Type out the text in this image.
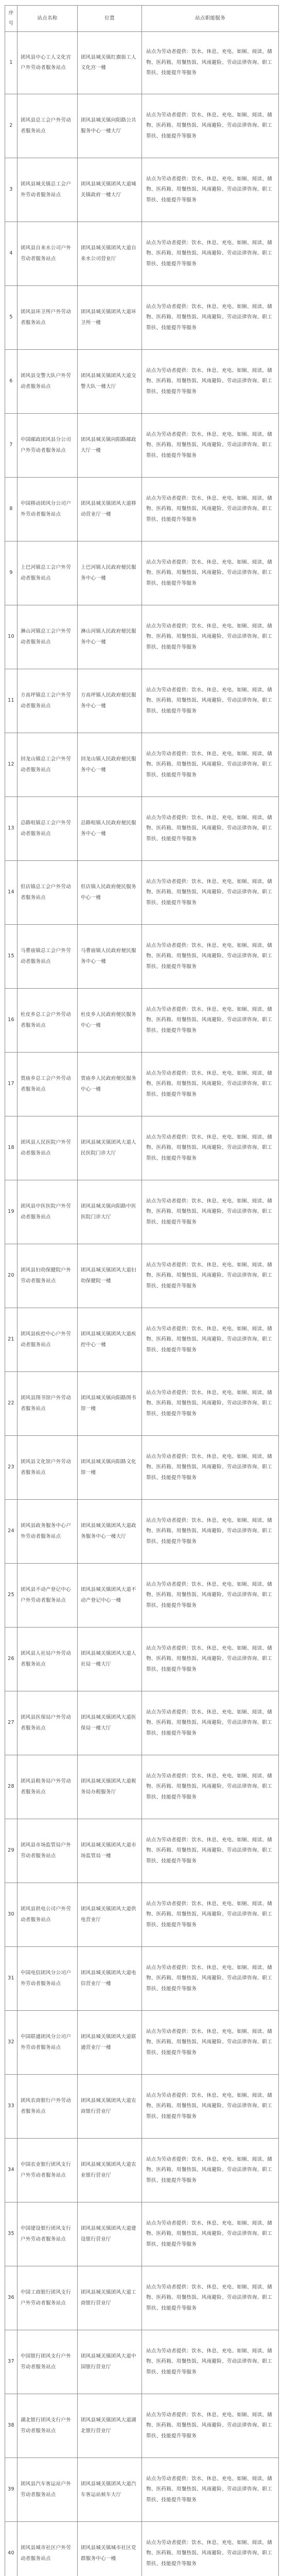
序号	站点名称	位置	站点职能服务

1	团风县中心工人文化宫户外劳动者服务站点	团风县城关镇红旗街工人文化宫一楼	站点为劳动者提供：饮水、休息、充电、如厕、阅读、储物、医药箱、用餐热饭、风雨避险、劳动法律咨询、职工帮扶、技能提升等服务

2	团风县总工会户外劳动者服务站点	团风县城关镇向阳路公共服务中心一楼大厅	站点为劳动者提供：饮水、休息、充电、如厕、阅读、储物、医药箱、用餐热饭、风雨避险、劳动法律咨询、职工帮扶、技能提升等服务

3	团风县城关镇总工会户外劳动者服务站点	团风县城关镇团风大道城关镇政府一楼大厅	站点为劳动者提供：饮水、休息、充电、如厕、阅读、储物、医药箱、用餐热饭、风雨避险、劳动法律咨询、职工帮扶、技能提升等服务

4	团风县自来水公司户外劳动者服务站点	团风县城关镇团风大道自来水公司营业厅	站点为劳动者提供：饮水、休息、充电、如厕、阅读、储物、医药箱、用餐热饭、风雨避险、劳动法律咨询、职工帮扶、技能提升等服务

5	团风县环卫所户外劳动者服务站点	团风县城关镇团风大道环卫所一楼	站点为劳动者提供：饮水、休息、充电、如厕、阅读、储物、医药箱、用餐热饭、风雨避险、劳动法律咨询、职工帮扶、技能提升等服务

6	团风县交警大队户外劳动者服务站点	团风县城关镇团风大道交警大队一楼大厅	站点为劳动者提供：饮水、休息、充电、如厕、阅读、储物、医药箱、用餐热饭、风雨避险、劳动法律咨询、职工帮扶、技能提升等服务

7	中国邮政团风县分公司户外劳动者服务站点	团风县城关镇向阳路邮政大厅一楼	站点为劳动者提供：饮水、休息、充电、如厕、阅读、储物、医药箱、用餐热饭、风雨避险、劳动法律咨询、职工帮扶、技能提升等服务

8	中国移动团风分公司户外劳动者服务站点	团风县城关镇团风大道移动营业厅一楼	站点为劳动者提供：饮水、休息、充电、如厕、阅读、储物、医药箱、用餐热饭、风雨避险、劳动法律咨询、职工帮扶、技能提升等服务

9	上巴河镇总工会户外劳动者服务站点	上巴河镇人民政府便民服务中心一楼	站点为劳动者提供：饮水、休息、充电、如厕、阅读、储物、医药箱、用餐热饭、风雨避险、劳动法律咨询、职工帮扶、技能提升等服务

10	淋山河镇总工会户外劳动者服务站点	淋山河镇人民政府便民服务中心一楼	站点为劳动者提供：饮水、休息、充电、如厕、阅读、储物、医药箱、用餐热饭、风雨避险、劳动法律咨询、职工帮扶、技能提升等服务

11	方高坪镇总工会户外劳动者服务站点	方高坪镇人民政府便民服务中心一楼	站点为劳动者提供：饮水、休息、充电、如厕、阅读、储物、医药箱、用餐热饭、风雨避险、劳动法律咨询、职工帮扶、技能提升等服务

12	回龙山镇总工会户外劳动者服务站点	回龙山镇人民政府便民服务中心一楼	站点为劳动者提供：饮水、休息、充电、如厕、阅读、储物、医药箱、用餐热饭、风雨避险、劳动法律咨询、职工帮扶、技能提升等服务

13	总路咀镇总工会户外劳动者服务站点	总路咀镇人民政府便民服务中心一楼	站点为劳动者提供：饮水、休息、充电、如厕、阅读、储物、医药箱、用餐热饭、风雨避险、劳动法律咨询、职工帮扶、技能提升等服务

14	但店镇总工会户外劳动者服务站点	但店镇人民政府便民服务中心一楼	站点为劳动者提供：饮水、休息、充电、如厕、阅读、储物、医药箱、用餐热饭、风雨避险、劳动法律咨询、职工帮扶、技能提升等服务

15	马曹庙镇总工会户外劳动者服务站点	马曹庙镇人民政府便民服务中心一楼	站点为劳动者提供：饮水、休息、充电、如厕、阅读、储物、医药箱、用餐热饭、风雨避险、劳动法律咨询、职工帮扶、技能提升等服务

16	杜皮乡总工会户外劳动者服务站点	杜皮乡人民政府便民服务中心一楼	站点为劳动者提供：饮水、休息、充电、如厕、阅读、储物、医药箱、用餐热饭、风雨避险、劳动法律咨询、职工帮扶、技能提升等服务

17	贾庙乡总工会户外劳动者服务站点	贾庙乡人民政府便民服务中心一楼	站点为劳动者提供：饮水、休息、充电、如厕、阅读、储物、医药箱、用餐热饭、风雨避险、劳动法律咨询、职工帮扶、技能提升等服务

18	团风县人民医院户外劳动者服务站点	团风县城关镇团风大道人民医院门诊大厅	站点为劳动者提供：饮水、休息、充电、如厕、阅读、储物、医药箱、用餐热饭、风雨避险、劳动法律咨询、职工帮扶、技能提升等服务

19	团风县中医医院户外劳动者服务站点	团风县城关镇向阳路中医医院门诊大厅	站点为劳动者提供：饮水、休息、充电、如厕、阅读、储物、医药箱、用餐热饭、风雨避险、劳动法律咨询、职工帮扶、技能提升等服务

20	团风县妇幼保健院户外劳动者服务站点	团风县城关镇团风大道妇幼保健院一楼	站点为劳动者提供：饮水、休息、充电、如厕、阅读、储物、医药箱、用餐热饭、风雨避险、劳动法律咨询、职工帮扶、技能提升等服务

21	团风县疾控中心户外劳动者服务站点	团风县城关镇团风大道疾控中心一楼	站点为劳动者提供：饮水、休息、充电、如厕、阅读、储物、医药箱、用餐热饭、风雨避险、劳动法律咨询、职工帮扶、技能提升等服务

22	团风县图书馆户外劳动者服务站点	团风县城关镇向阳路图书馆一楼	站点为劳动者提供：饮水、休息、充电、如厕、阅读、储物、医药箱、用餐热饭、风雨避险、劳动法律咨询、职工帮扶、技能提升等服务

23	团风县文化馆户外劳动者服务站点	团风县城关镇向阳路文化馆一楼	站点为劳动者提供：饮水、休息、充电、如厕、阅读、储物、医药箱、用餐热饭、风雨避险、劳动法律咨询、职工帮扶、技能提升等服务

24	团风县政务服务中心户外劳动者服务站点	团风县城关镇团风大道政务服务中心一楼大厅	站点为劳动者提供：饮水、休息、充电、如厕、阅读、储物、医药箱、用餐热饭、风雨避险、劳动法律咨询、职工帮扶、技能提升等服务

25	团风县不动产登记中心户外劳动者服务站点	团风县城关镇团风大道不动产登记中心一楼	站点为劳动者提供：饮水、休息、充电、如厕、阅读、储物、医药箱、用餐热饭、风雨避险、劳动法律咨询、职工帮扶、技能提升等服务

26	团风县人社局户外劳动者服务站点	团风县城关镇团风大道人社局一楼大厅	站点为劳动者提供：饮水、休息、充电、如厕、阅读、储物、医药箱、用餐热饭、风雨避险、劳动法律咨询、职工帮扶、技能提升等服务

27	团风县医保局户外劳动者服务站点	团风县城关镇团风大道医保局一楼大厅	站点为劳动者提供：饮水、休息、充电、如厕、阅读、储物、医药箱、用餐热饭、风雨避险、劳动法律咨询、职工帮扶、技能提升等服务

28	团风县税务局户外劳动者服务站点	团风县城关镇团风大道税务局办税服务厅	站点为劳动者提供：饮水、休息、充电、如厕、阅读、储物、医药箱、用餐热饭、风雨避险、劳动法律咨询、职工帮扶、技能提升等服务

29	团风县市场监管局户外劳动者服务站点	团风县城关镇团风大道市场监管局一楼	站点为劳动者提供：饮水、休息、充电、如厕、阅读、储物、医药箱、用餐热饭、风雨避险、劳动法律咨询、职工帮扶、技能提升等服务

30	团风县供电公司户外劳动者服务站点	团风县城关镇团风大道供电营业厅	站点为劳动者提供：饮水、休息、充电、如厕、阅读、储物、医药箱、用餐热饭、风雨避险、劳动法律咨询、职工帮扶、技能提升等服务

31	中国电信团风分公司户外劳动者服务站点	团风县城关镇团风大道电信营业厅一楼	站点为劳动者提供：饮水、休息、充电、如厕、阅读、储物、医药箱、用餐热饭、风雨避险、劳动法律咨询、职工帮扶、技能提升等服务

32	中国联通团风分公司户外劳动者服务站点	团风县城关镇团风大道联通营业厅一楼	站点为劳动者提供：饮水、休息、充电、如厕、阅读、储物、医药箱、用餐热饭、风雨避险、劳动法律咨询、职工帮扶、技能提升等服务

33	团风农商银行户外劳动者服务站点	团风县城关镇团风大道农商银行营业厅	站点为劳动者提供：饮水、休息、充电、如厕、阅读、储物、医药箱、用餐热饭、风雨避险、劳动法律咨询、职工帮扶、技能提升等服务

34	中国农业银行团风支行户外劳动者服务站点	团风县城关镇团风大道农业银行营业厅	站点为劳动者提供：饮水、休息、充电、如厕、阅读、储物、医药箱、用餐热饭、风雨避险、劳动法律咨询、职工帮扶、技能提升等服务

35	中国建设银行团风支行户外劳动者服务站点	团风县城关镇团风大道建设银行营业厅	站点为劳动者提供：饮水、休息、充电、如厕、阅读、储物、医药箱、用餐热饭、风雨避险、劳动法律咨询、职工帮扶、技能提升等服务

36	中国工商银行团风支行户外劳动者服务站点	团风县城关镇团风大道工商银行营业厅	站点为劳动者提供：饮水、休息、充电、如厕、阅读、储物、医药箱、用餐热饭、风雨避险、劳动法律咨询、职工帮扶、技能提升等服务

37	中国银行团风支行户外劳动者服务站点	团风县城关镇团风大道中国银行营业厅	站点为劳动者提供：饮水、休息、充电、如厕、阅读、储物、医药箱、用餐热饭、风雨避险、劳动法律咨询、职工帮扶、技能提升等服务

38	湖北银行团风支行户外劳动者服务站点	团风县城关镇团风大道湖北银行营业厅	站点为劳动者提供：饮水、休息、充电、如厕、阅读、储物、医药箱、用餐热饭、风雨避险、劳动法律咨询、职工帮扶、技能提升等服务

39	团风县汽车客运站户外劳动者服务站点	团风县城关镇团风大道汽车客运站候车大厅	站点为劳动者提供：饮水、休息、充电、如厕、阅读、储物、医药箱、用餐热饭、风雨避险、劳动法律咨询、职工帮扶、技能提升等服务

40	团风县城市社区户外劳动者服务站点	团风县城关镇城市社区党群服务中心一楼	站点为劳动者提供：饮水、休息、充电、如厕、阅读、储物、医药箱、用餐热饭、风雨避险、劳动法律咨询、职工帮扶、技能提升等服务
